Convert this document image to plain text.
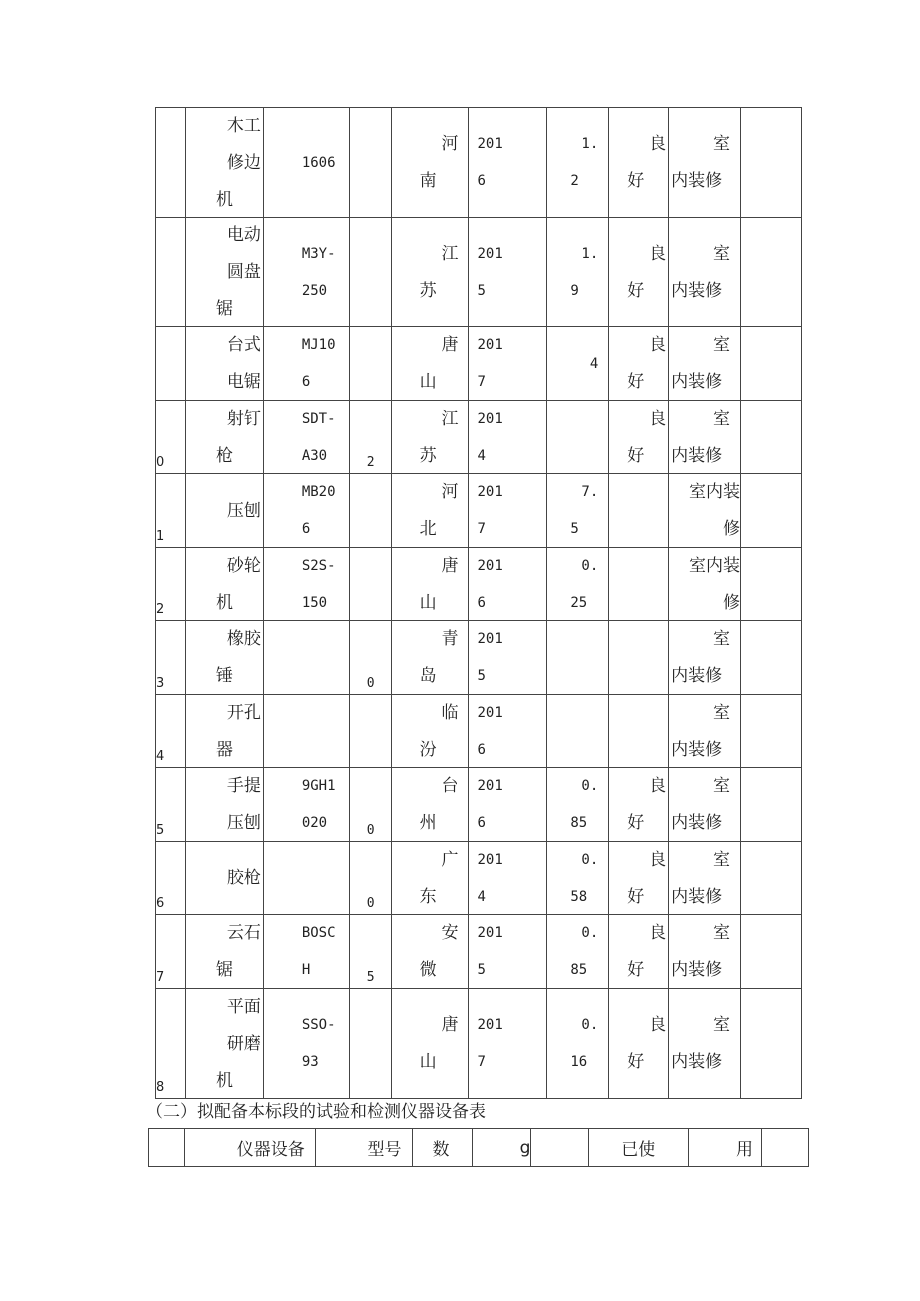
	木工
修边
机	1606		河
南	201
6	1.
2	良
好	室
内装修	

	电动
圆盘
锯	M3Y-
250		江
苏	201
5	1.
9	良
好	室
内装修	

	台式
电锯	MJ10
6		唐
山	201
7	4	良
好	室
内装修	

0	射钉
枪	SDT-
A30	2	江
苏	201
4		良
好	室
内装修	

1	压刨	MB20
6		河
北	201
7	7.
5		室内装
修	

2	砂轮
机	S2S-
150		唐
山	201
6	0.
25		室内装
修	

3	橡胶
锤		0	青
岛	201
5			室
内装修	

4	开孔
器			临
汾	201
6			室
内装修	

5	手提
压刨	9GH1
020	0	台
州	201
6	0.
85	良
好	室
内装修	

6	胶枪		0	广
东	201
4	0.
58	良
好	室
内装修	

7	云石
锯	BOSC
H	5	安
微	201
5	0.
85	良
好	室
内装修	

8	平面
研磨
机	SSO-
93		唐
山	201
7	0.
16	良
好	室
内装修	

（二）拟配备本标段的试验和检测仪器设备表
	仪器设备	型号	数	g		已使	用	
